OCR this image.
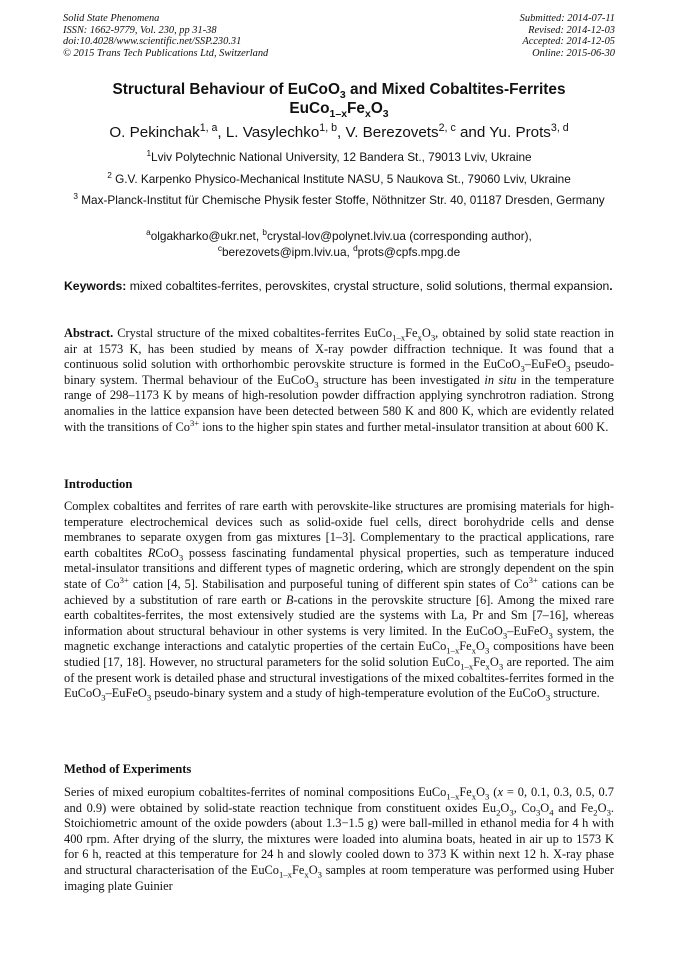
Solid State Phenomena
ISSN: 1662-9779, Vol. 230, pp 31-38
doi:10.4028/www.scientific.net/SSP.230.31
© 2015 Trans Tech Publications Ltd, Switzerland
Submitted: 2014-07-11
Revised: 2014-12-03
Accepted: 2014-12-05
Online: 2015-06-30
Structural Behaviour of EuCoO$_3$ and Mixed Cobaltites-Ferrites
$EuCo_{1-x}Fe_xO_3$
O. Pekinchak$^{1, a}$, L. Vasylechko$^{1, b}$, V. Berezovets$^{2, c}$ and Yu. Prots$^{3, d}$
$^1$Lviv Polytechnic National University, 12 Bandera St., 79013 Lviv, Ukraine
$^2$ G.V. Karpenko Physico-Mechanical Institute NASU, 5 Naukova St., 79060 Lviv, Ukraine
$^3$ Max-Planck-Institut für Chemische Physik fester Stoffe, Nöthnitzer Str. 40, 01187 Dresden, Germany
$^a$olgakharko@ukr.net, $^b$crystal-lov@polynet.lviv.ua (corresponding author),
$^c$berezovets@ipm.lviv.ua, $^d$prots@cpfs.mpg.de
Keywords: mixed cobaltites-ferrites, perovskites, crystal structure, solid solutions, thermal expansion.
Abstract. Crystal structure of the mixed cobaltites-ferrites $EuCo_{1-x}Fe_xO_3$, obtained by solid state reaction in air at 1573 K, has been studied by means of X-ray powder diffraction technique. It was found that a continuous solid solution with orthorhombic perovskite structure is formed in the EuCoO$_3$–EuFeO$_3$ pseudo-binary system. Thermal behaviour of the EuCoO$_3$ structure has been investigated in situ in the temperature range of 298–1173 K by means of high-resolution powder diffraction applying synchrotron radiation. Strong anomalies in the lattice expansion have been detected between 580 K and 800 K, which are evidently related with the transitions of $Co^{3+}$ ions to the higher spin states and further metal-insulator transition at about 600 K.
Introduction
Complex cobaltites and ferrites of rare earth with perovskite-like structures are promising materials for high-temperature electrochemical devices such as solid-oxide fuel cells, direct borohydride cells and dense membranes to separate oxygen from gas mixtures [1–3]. Complementary to the practical applications, rare earth cobaltites RCoO$_3$ possess fascinating fundamental physical properties, such as temperature induced metal-insulator transitions and different types of magnetic ordering, which are strongly dependent on the spin state of $Co^{3+}$ cation [4, 5]. Stabilisation and purposeful tuning of different spin states of $Co^{3+}$ cations can be achieved by a substitution of rare earth or B-cations in the perovskite structure [6]. Among the mixed rare earth cobaltites-ferrites, the most extensively studied are the systems with La, Pr and Sm [7–16], whereas information about structural behaviour in other systems is very limited. In the EuCoO$_3$–EuFeO$_3$ system, the magnetic exchange interactions and catalytic properties of the certain $EuCo_{1-x}Fe_xO_3$ compositions have been studied [17, 18]. However, no structural parameters for the solid solution $EuCo_{1-x}Fe_xO_3$ are reported. The aim of the present work is detailed phase and structural investigations of the mixed cobaltites-ferrites formed in the EuCoO$_3$–EuFeO$_3$ pseudo-binary system and a study of high-temperature evolution of the EuCoO$_3$ structure.
Method of Experiments
Series of mixed europium cobaltites-ferrites of nominal compositions $EuCo_{1-x}Fe_xO_3$ (x = 0, 0.1, 0.3, 0.5, 0.7 and 0.9) were obtained by solid-state reaction technique from constituent oxides $Eu_2O_3$, $Co_3O_4$ and $Fe_2O_3$. Stoichiometric amount of the oxide powders (about 1.3−1.5 g) were ball-milled in ethanol media for 4 h with 400 rpm. After drying of the slurry, the mixtures were loaded into alumina boats, heated in air up to 1573 K for 6 h, reacted at this temperature for 24 h and slowly cooled down to 373 K within next 12 h. X-ray phase and structural characterisation of the $EuCo_{1-x}Fe_xO_3$ samples at room temperature was performed using Huber imaging plate Guinier
